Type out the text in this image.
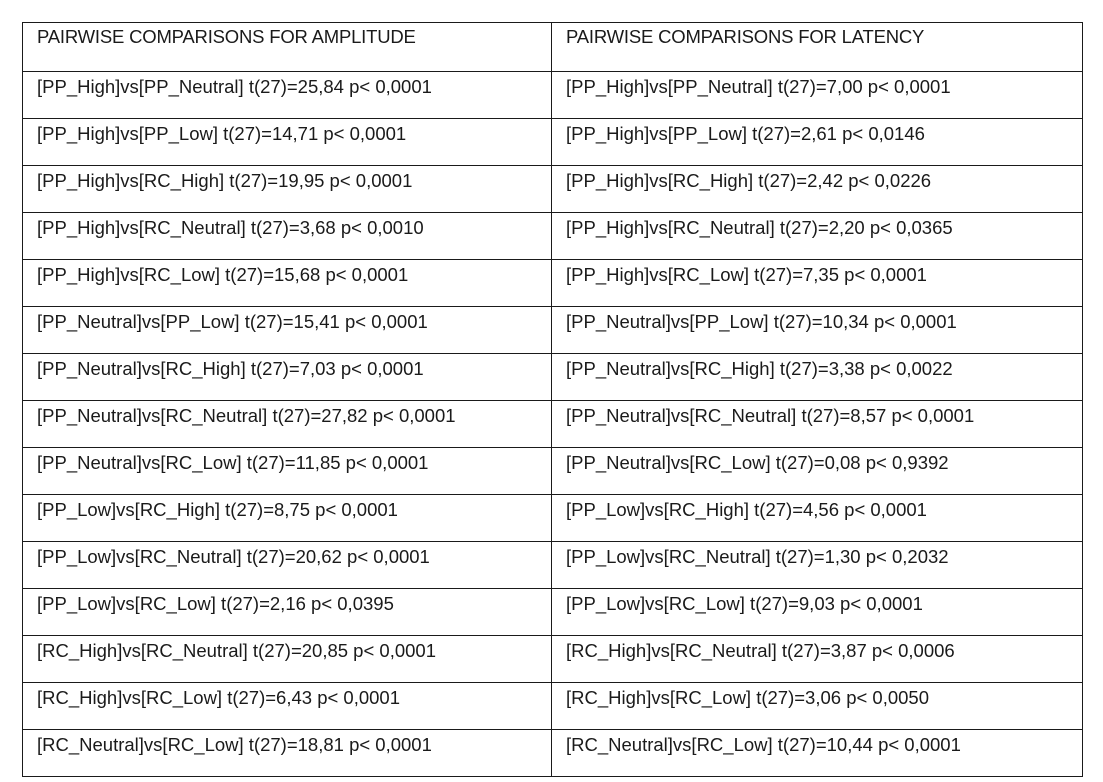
PAIRWISE COMPARISONS FOR AMPLITUDE	PAIRWISE COMPARISONS FOR LATENCY
[PP_High]vs[PP_Neutral] t(27)=25,84 p< 0,0001	[PP_High]vs[PP_Neutral] t(27)=7,00 p< 0,0001
[PP_High]vs[PP_Low] t(27)=14,71 p< 0,0001	[PP_High]vs[PP_Low] t(27)=2,61 p< 0,0146
[PP_High]vs[RC_High] t(27)=19,95 p< 0,0001	[PP_High]vs[RC_High] t(27)=2,42 p< 0,0226
[PP_High]vs[RC_Neutral] t(27)=3,68 p< 0,0010	[PP_High]vs[RC_Neutral] t(27)=2,20 p< 0,0365
[PP_High]vs[RC_Low] t(27)=15,68 p< 0,0001	[PP_High]vs[RC_Low] t(27)=7,35 p< 0,0001
[PP_Neutral]vs[PP_Low] t(27)=15,41 p< 0,0001	[PP_Neutral]vs[PP_Low] t(27)=10,34 p< 0,0001
[PP_Neutral]vs[RC_High] t(27)=7,03 p< 0,0001	[PP_Neutral]vs[RC_High] t(27)=3,38 p< 0,0022
[PP_Neutral]vs[RC_Neutral] t(27)=27,82 p< 0,0001	[PP_Neutral]vs[RC_Neutral] t(27)=8,57 p< 0,0001
[PP_Neutral]vs[RC_Low] t(27)=11,85 p< 0,0001	[PP_Neutral]vs[RC_Low] t(27)=0,08 p< 0,9392
[PP_Low]vs[RC_High] t(27)=8,75 p< 0,0001	[PP_Low]vs[RC_High] t(27)=4,56 p< 0,0001
[PP_Low]vs[RC_Neutral] t(27)=20,62 p< 0,0001	[PP_Low]vs[RC_Neutral] t(27)=1,30 p< 0,2032
[PP_Low]vs[RC_Low] t(27)=2,16 p< 0,0395	[PP_Low]vs[RC_Low] t(27)=9,03 p< 0,0001
[RC_High]vs[RC_Neutral] t(27)=20,85 p< 0,0001	[RC_High]vs[RC_Neutral] t(27)=3,87 p< 0,0006
[RC_High]vs[RC_Low] t(27)=6,43 p< 0,0001	[RC_High]vs[RC_Low] t(27)=3,06 p< 0,0050
[RC_Neutral]vs[RC_Low] t(27)=18,81 p< 0,0001	[RC_Neutral]vs[RC_Low] t(27)=10,44 p< 0,0001
